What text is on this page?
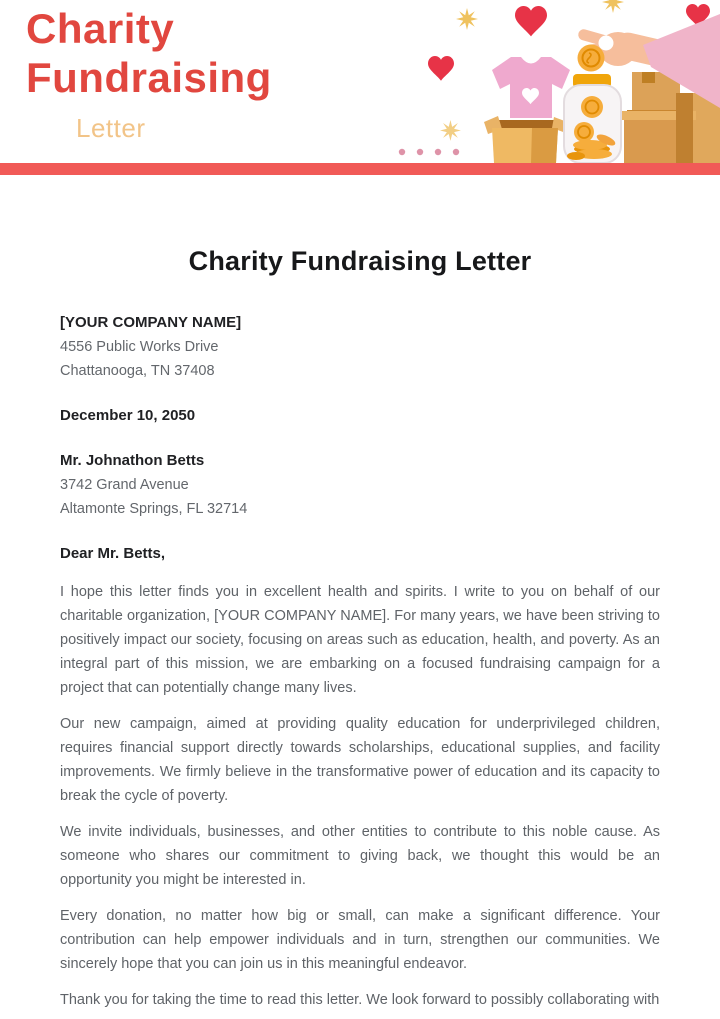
Charity
Fundraising
Letter
Charity Fundraising Letter
[YOUR COMPANY NAME]
4556 Public Works Drive
Chattanooga, TN 37408
December 10, 2050
Mr. Johnathon Betts
3742 Grand Avenue
Altamonte Springs, FL 32714
Dear Mr. Betts,

I hope this letter finds you in excellent health and spirits. I write to you on behalf of our charitable organization, [YOUR COMPANY NAME]. For many years, we have been striving to positively impact our society, focusing on areas such as education, health, and poverty. As an integral part of this mission, we are embarking on a focused fundraising campaign for a project that can potentially change many lives.

Our new campaign, aimed at providing quality education for underprivileged children, requires financial support directly towards scholarships, educational supplies, and facility improvements. We firmly believe in the transformative power of education and its capacity to break the cycle of poverty.

We invite individuals, businesses, and other entities to contribute to this noble cause. As someone who shares our commitment to giving back, we thought this would be an opportunity you might be interested in.

Every donation, no matter how big or small, can make a significant difference. Your contribution can help empower individuals and in turn, strengthen our communities. We sincerely hope that you can join us in this meaningful endeavor.

Thank you for taking the time to read this letter. We look forward to possibly collaborating with
